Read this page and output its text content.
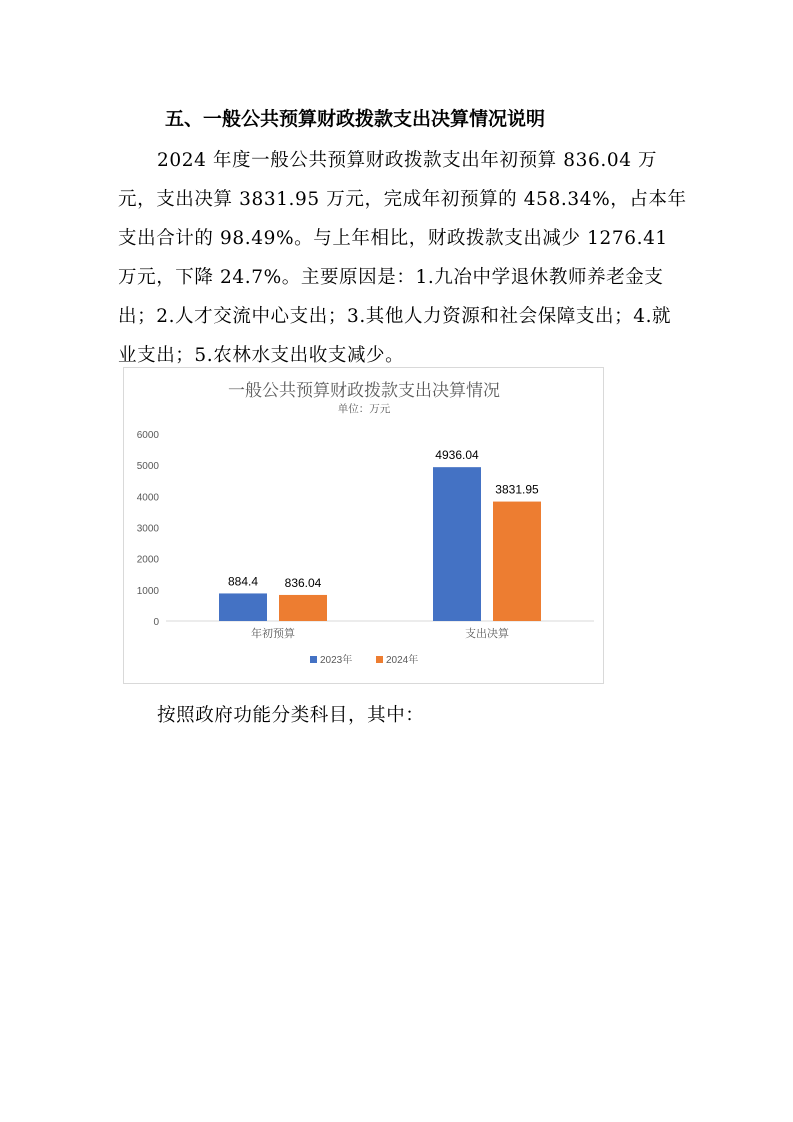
五、一般公共预算财政拨款支出决算情况说明

2024 年度一般公共预算财政拨款支出年初预算 836.04 万元，支出决算 3831.95 万元，完成年初预算的 458.34%，占本年支出合计的 98.49%。与上年相比，财政拨款支出减少 1276.41 万元，下降 24.7%。主要原因是：1.九冶中学退休教师养老金支出；2.人才交流中心支出；3.其他人力资源和社会保障支出；4.就业支出；5.农林水支出收支减少。

一般公共预算财政拨款支出决算情况
单位：万元
0
1000
2000
3000
4000
5000
6000
年初预算	支出决算
884.4 836.04
4936.04
3831.95
2023年	2024年

按照政府功能分类科目，其中：
